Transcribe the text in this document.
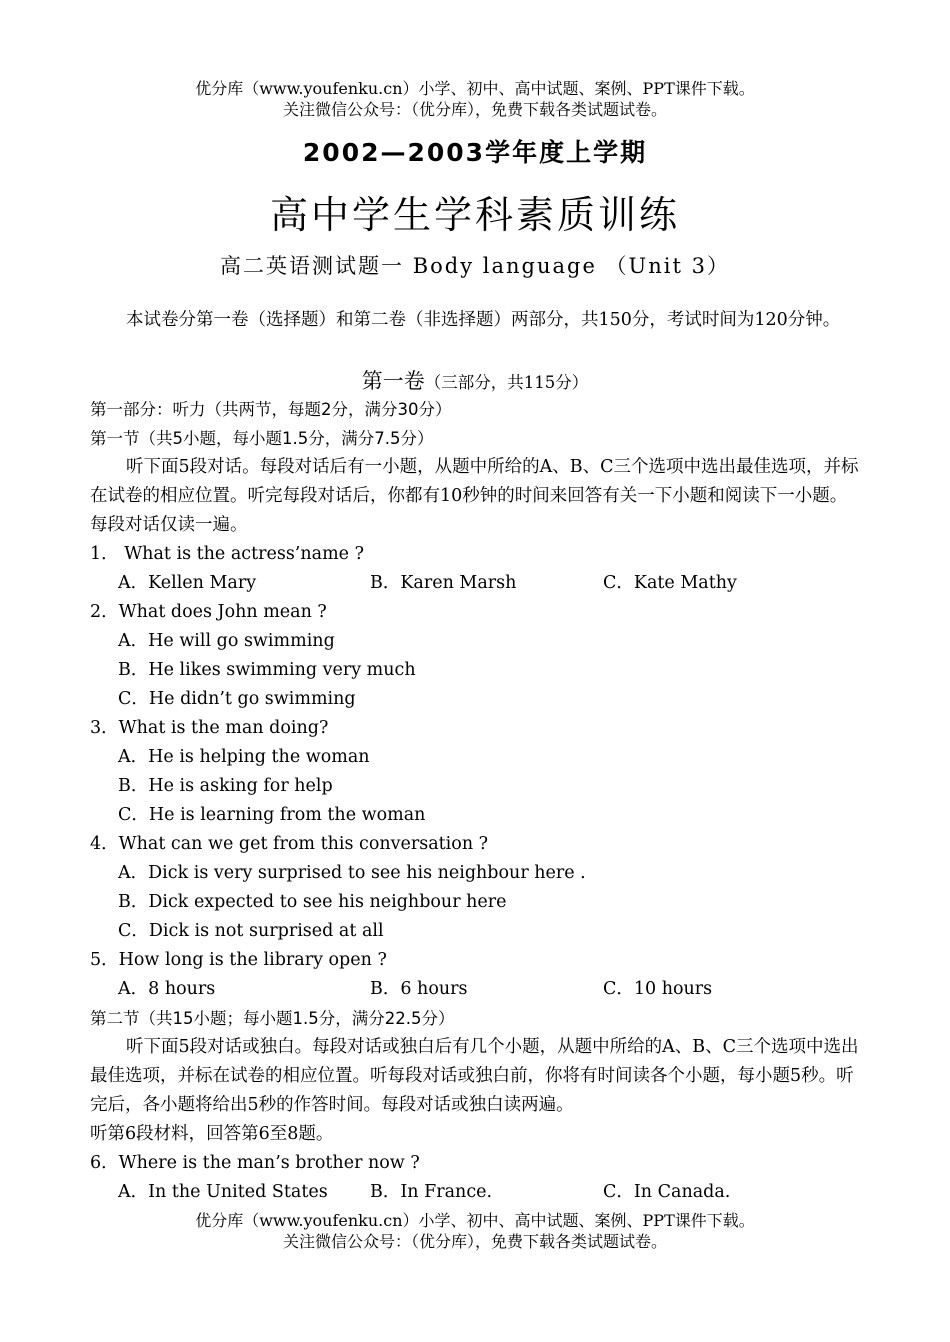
优分库（www.youfenku.cn）小学、初中、高中试题、案例、PPT课件下载。
关注微信公众号：（优分库），免费下载各类试题试卷。
2002—2003学年度上学期
高中学生学科素质训练
高二英语测试题一 Body language （Unit 3）

本试卷分第一卷（选择题）和第二卷（非选择题）两部分，共150分，考试时间为120分钟。

第一卷（三部分，共115分）
第一部分：听力（共两节，每题2分，满分30分）
第一节（共5小题，每小题1.5分，满分7.5分）
听下面5段对话。每段对话后有一小题，从题中所给的A、B、C三个选项中选出最佳选项，并标在试卷的相应位置。听完每段对话后，你都有10秒钟的时间来回答有关一下小题和阅读下一小题。每段对话仅读一遍。
1． What is the actress’name ?
A．Kellen Mary	B．Karen Marsh	C．Kate Mathy
2．What does John mean ?
A．He will go swimming
B．He likes swimming very much
C．He didn’t go swimming
3．What is the man doing?
A．He is helping the woman
B．He is asking for help
C．He is learning from the woman
4．What can we get from this conversation ?
A．Dick is very surprised to see his neighbour here .
B．Dick expected to see his neighbour here
C．Dick is not surprised at all
5．How long is the library open ?
A．8 hours	B．6 hours	C．10 hours
第二节（共15小题；每小题1.5分，满分22.5分）
听下面5段对话或独白。每段对话或独白后有几个小题，从题中所给的A、B、C三个选项中选出最佳选项，并标在试卷的相应位置。听每段对话或独白前，你将有时间读各个小题，每小题5秒。听完后，各小题将给出5秒的作答时间。每段对话或独白读两遍。
听第6段材料，回答第6至8题。
6．Where is the man’s brother now ?
A．In the United States	B．In France.	C．In Canada.
优分库（www.youfenku.cn）小学、初中、高中试题、案例、PPT课件下载。
关注微信公众号：（优分库），免费下载各类试题试卷。
